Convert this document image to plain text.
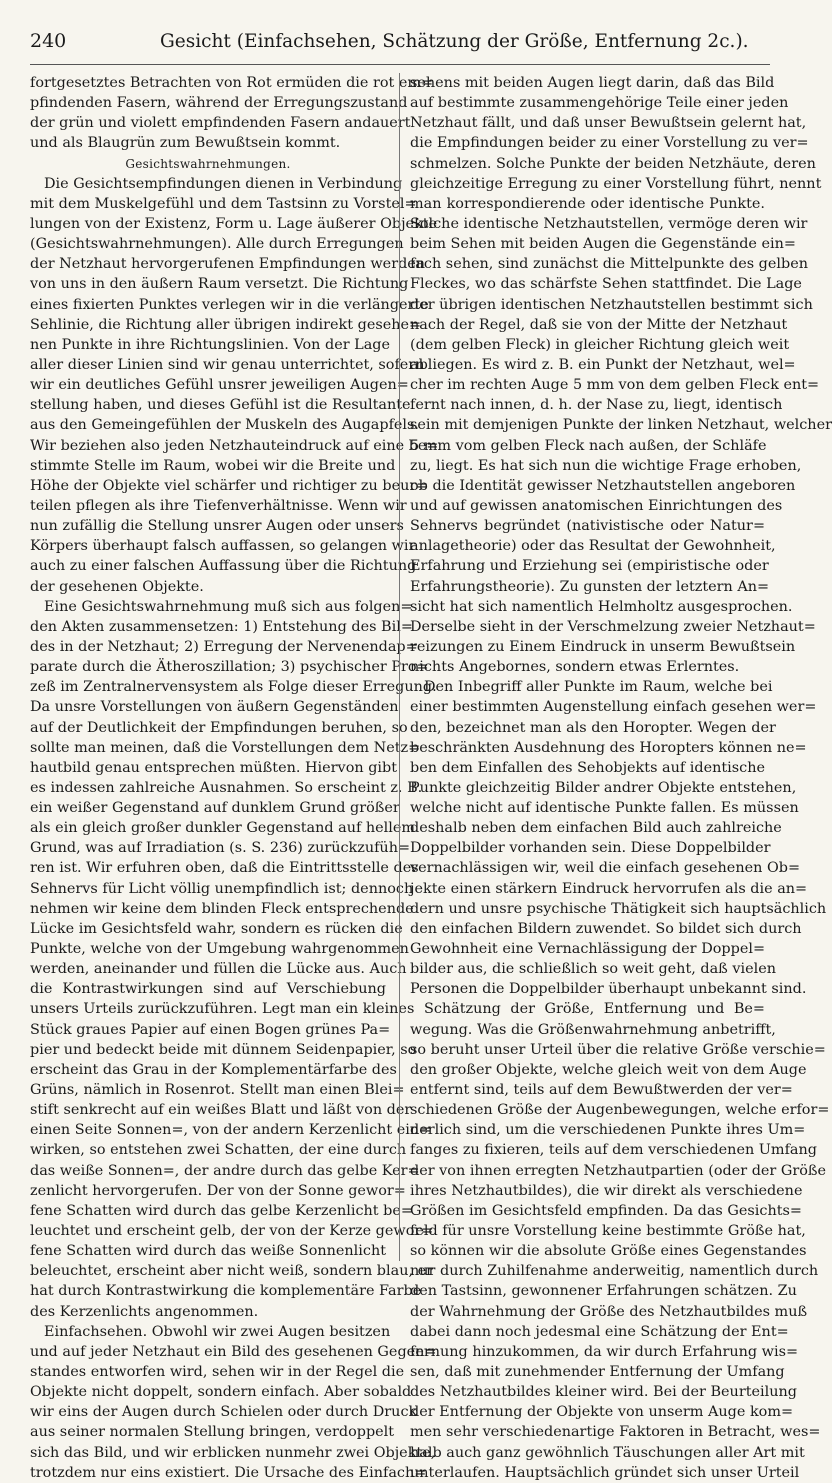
240	Gesicht (Einfachsehen, Schätzung der Größe, Entfernung 2c.).
fortgesetztes Betrachten von Rot ermüden die rot em=
pfindenden Fasern, während der Erregungszustand
der grün und violett empfindenden Fasern andauert
und als Blaugrün zum Bewußtsein kommt.
Gesichtswahrnehmungen.
Die Gesichtsempfindungen dienen in Verbindung
mit dem Muskelgefühl und dem Tastsinn zu Vorstel=
lungen von der Existenz, Form u. Lage äußerer Objekte
(Gesichtswahrnehmungen). Alle durch Erregungen
der Netzhaut hervorgerufenen Empfindungen werden
von uns in den äußern Raum versetzt. Die Richtung
eines fixierten Punktes verlegen wir in die verlängerte
Sehlinie, die Richtung aller übrigen indirekt gesehe=
nen Punkte in ihre Richtungslinien. Von der Lage
aller dieser Linien sind wir genau unterrichtet, sofern
wir ein deutliches Gefühl unsrer jeweiligen Augen=
stellung haben, und dieses Gefühl ist die Resultante
aus den Gemeingefühlen der Muskeln des Augapfels.
Wir beziehen also jeden Netzhauteindruck auf eine be=
stimmte Stelle im Raum, wobei wir die Breite und
Höhe der Objekte viel schärfer und richtiger zu beur=
teilen pflegen als ihre Tiefenverhältnisse. Wenn wir
nun zufällig die Stellung unsrer Augen oder unsers
Körpers überhaupt falsch auffassen, so gelangen wir
auch zu einer falschen Auffassung über die Richtung
der gesehenen Objekte.
Eine Gesichtswahrnehmung muß sich aus folgen=
den Akten zusammensetzen: 1) Entstehung des Bil=
des in der Netzhaut; 2) Erregung der Nervenendap=
parate durch die Ätheroszillation; 3) psychischer Pro=
zeß im Zentralnervensystem als Folge dieser Erregung.
Da unsre Vorstellungen von äußern Gegenständen
auf der Deutlichkeit der Empfindungen beruhen, so
sollte man meinen, daß die Vorstellungen dem Netz=
hautbild genau entsprechen müßten. Hiervon gibt
es indessen zahlreiche Ausnahmen. So erscheint z. B.
ein weißer Gegenstand auf dunklem Grund größer
als ein gleich großer dunkler Gegenstand auf hellem
Grund, was auf Irradiation (s. S. 236) zurückzufüh=
ren ist. Wir erfuhren oben, daß die Eintrittsstelle des
Sehnervs für Licht völlig unempfindlich ist; dennoch
nehmen wir keine dem blinden Fleck entsprechende
Lücke im Gesichtsfeld wahr, sondern es rücken die
Punkte, welche von der Umgebung wahrgenommen
werden, aneinander und füllen die Lücke aus. Auch
die Kontrastwirkungen sind auf Verschiebung
unsers Urteils zurückzuführen. Legt man ein kleines
Stück graues Papier auf einen Bogen grünes Pa=
pier und bedeckt beide mit dünnem Seidenpapier, so
erscheint das Grau in der Komplementärfarbe des
Grüns, nämlich in Rosenrot. Stellt man einen Blei=
stift senkrecht auf ein weißes Blatt und läßt von der
einen Seite Sonnen=, von der andern Kerzenlicht ein=
wirken, so entstehen zwei Schatten, der eine durch
das weiße Sonnen=, der andre durch das gelbe Ker=
zenlicht hervorgerufen. Der von der Sonne gewor=
fene Schatten wird durch das gelbe Kerzenlicht be=
leuchtet und erscheint gelb, der von der Kerze gewor=
fene Schatten wird durch das weiße Sonnenlicht
beleuchtet, erscheint aber nicht weiß, sondern blau, er
hat durch Kontrastwirkung die komplementäre Farbe
des Kerzenlichts angenommen.
Einfachsehen. Obwohl wir zwei Augen besitzen
und auf jeder Netzhaut ein Bild des gesehenen Gegen=
standes entworfen wird, sehen wir in der Regel die
Objekte nicht doppelt, sondern einfach. Aber sobald
wir eins der Augen durch Schielen oder durch Druck
aus seiner normalen Stellung bringen, verdoppelt
sich das Bild, und wir erblicken nunmehr zwei Objekte,
trotzdem nur eins existiert. Die Ursache des Einfach=
sehens mit beiden Augen liegt darin, daß das Bild
auf bestimmte zusammengehörige Teile einer jeden
Netzhaut fällt, und daß unser Bewußtsein gelernt hat,
die Empfindungen beider zu einer Vorstellung zu ver=
schmelzen. Solche Punkte der beiden Netzhäute, deren
gleichzeitige Erregung zu einer Vorstellung führt, nennt
man korrespondierende oder identische Punkte.
Solche identische Netzhautstellen, vermöge deren wir
beim Sehen mit beiden Augen die Gegenstände ein=
fach sehen, sind zunächst die Mittelpunkte des gelben
Fleckes, wo das schärfste Sehen stattfindet. Die Lage
der übrigen identischen Netzhautstellen bestimmt sich
nach der Regel, daß sie von der Mitte der Netzhaut
(dem gelben Fleck) in gleicher Richtung gleich weit
abliegen. Es wird z. B. ein Punkt der Netzhaut, wel=
cher im rechten Auge 5 mm von dem gelben Fleck ent=
fernt nach innen, d. h. der Nase zu, liegt, identisch
sein mit demjenigen Punkte der linken Netzhaut, welcher
5 mm vom gelben Fleck nach außen, der Schläfe
zu, liegt. Es hat sich nun die wichtige Frage erhoben,
ob die Identität gewisser Netzhautstellen angeboren
und auf gewissen anatomischen Einrichtungen des
Sehnervs begründet (nativistische oder Natur=
anlagetheorie) oder das Resultat der Gewohnheit,
Erfahrung und Erziehung sei (empiristische oder
Erfahrungstheorie). Zu gunsten der letztern An=
sicht hat sich namentlich Helmholtz ausgesprochen.
Derselbe sieht in der Verschmelzung zweier Netzhaut=
reizungen zu Einem Eindruck in unserm Bewußtsein
nichts Angebornes, sondern etwas Erlerntes.
Den Inbegriff aller Punkte im Raum, welche bei
einer bestimmten Augenstellung einfach gesehen wer=
den, bezeichnet man als den Horopter. Wegen der
beschränkten Ausdehnung des Horopters können ne=
ben dem Einfallen des Sehobjekts auf identische
Punkte gleichzeitig Bilder andrer Objekte entstehen,
welche nicht auf identische Punkte fallen. Es müssen
deshalb neben dem einfachen Bild auch zahlreiche
Doppelbilder vorhanden sein. Diese Doppelbilder
vernachlässigen wir, weil die einfach gesehenen Ob=
jekte einen stärkern Eindruck hervorrufen als die an=
dern und unsre psychische Thätigkeit sich hauptsächlich
den einfachen Bildern zuwendet. So bildet sich durch
Gewohnheit eine Vernachlässigung der Doppel=
bilder aus, die schließlich so weit geht, daß vielen
Personen die Doppelbilder überhaupt unbekannt sind.
Schätzung der Größe, Entfernung und Be=
wegung. Was die Größenwahrnehmung anbetrifft,
so beruht unser Urteil über die relative Größe verschie=
den großer Objekte, welche gleich weit von dem Auge
entfernt sind, teils auf dem Bewußtwerden der ver=
schiedenen Größe der Augenbewegungen, welche erfor=
derlich sind, um die verschiedenen Punkte ihres Um=
fanges zu fixieren, teils auf dem verschiedenen Umfang
der von ihnen erregten Netzhautpartien (oder der Größe
ihres Netzhautbildes), die wir direkt als verschiedene
Größen im Gesichtsfeld empfinden. Da das Gesichts=
feld für unsre Vorstellung keine bestimmte Größe hat,
so können wir die absolute Größe eines Gegenstandes
nur durch Zuhilfenahme anderweitig, namentlich durch
den Tastsinn, gewonnener Erfahrungen schätzen. Zu
der Wahrnehmung der Größe des Netzhautbildes muß
dabei dann noch jedesmal eine Schätzung der Ent=
fernung hinzukommen, da wir durch Erfahrung wis=
sen, daß mit zunehmender Entfernung der Umfang
des Netzhautbildes kleiner wird. Bei der Beurteilung
der Entfernung der Objekte von unserm Auge kom=
men sehr verschiedenartige Faktoren in Betracht, wes=
halb auch ganz gewöhnlich Täuschungen aller Art mit
unterlaufen. Hauptsächlich gründet sich unser Urteil
